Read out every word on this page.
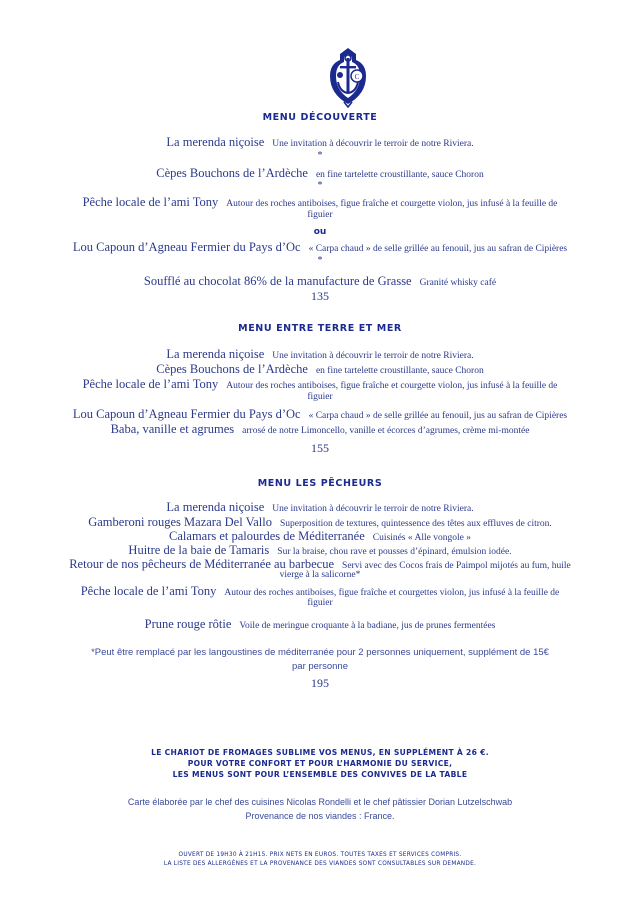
C
MENU DÉCOUVERTE
La merenda niçoise Une invitation à découvrir le terroir de notre Riviera.
*
Cèpes Bouchons de l’Ardèche en fine tartelette croustillante, sauce Choron
*
Pêche locale de l’ami Tony Autour des roches antiboises, figue fraîche et courgette violon, jus infusé à la feuille de
figuier
ou
Lou Capoun d’Agneau Fermier du Pays d’Oc « Carpa chaud » de selle grillée au fenouil, jus au safran de Cipières
*
Soufflé au chocolat 86% de la manufacture de Grasse Granité whisky café
135
MENU ENTRE TERRE ET MER
La merenda niçoise Une invitation à découvrir le terroir de notre Riviera.
Cèpes Bouchons de l’Ardèche en fine tartelette croustillante, sauce Choron
Pêche locale de l’ami Tony Autour des roches antiboises, figue fraîche et courgette violon, jus infusé à la feuille de
figuier
Lou Capoun d’Agneau Fermier du Pays d’Oc « Carpa chaud » de selle grillée au fenouil, jus au safran de Cipières
Baba, vanille et agrumes arrosé de notre Limoncello, vanille et écorces d’agrumes, crème mi-montée
155
MENU LES PÊCHEURS
La merenda niçoise Une invitation à découvrir le terroir de notre Riviera.
Gamberoni rouges Mazara Del Vallo Superposition de textures, quintessence des têtes aux effluves de citron.
Calamars et palourdes de Méditerranée Cuisinés « Alle vongole »
Huitre de la baie de Tamaris Sur la braise, chou rave et pousses d’épinard, émulsion iodée.
Retour de nos pêcheurs de Méditerranée au barbecue Servi avec des Cocos frais de Paimpol mijotés au fum, huile
vierge à la salicorne*
Pêche locale de l’ami Tony Autour des roches antiboises, figue fraîche et courgettes violon, jus infusé à la feuille de
figuier
Prune rouge rôtie Voile de meringue croquante à la badiane, jus de prunes fermentées
*Peut être remplacé par les langoustines de méditerranée pour 2 personnes uniquement, supplément de 15€
par personne
195
LE CHARIOT DE FROMAGES SUBLIME VOS MENUS, EN SUPPLÉMENT À 26 €.
POUR VOTRE CONFORT ET POUR L’HARMONIE DU SERVICE,
LES MENUS SONT POUR L’ENSEMBLE DES CONVIVES DE LA TABLE
Carte élaborée par le chef des cuisines Nicolas Rondelli et le chef pâtissier Dorian Lutzelschwab
Provenance de nos viandes : France.
OUVERT DE 19H30 À 21H15. PRIX NETS EN EUROS. TOUTES TAXES ET SERVICES COMPRIS.
LA LISTE DES ALLERGÈNES ET LA PROVENANCE DES VIANDES SONT CONSULTABLES SUR DEMANDE.
